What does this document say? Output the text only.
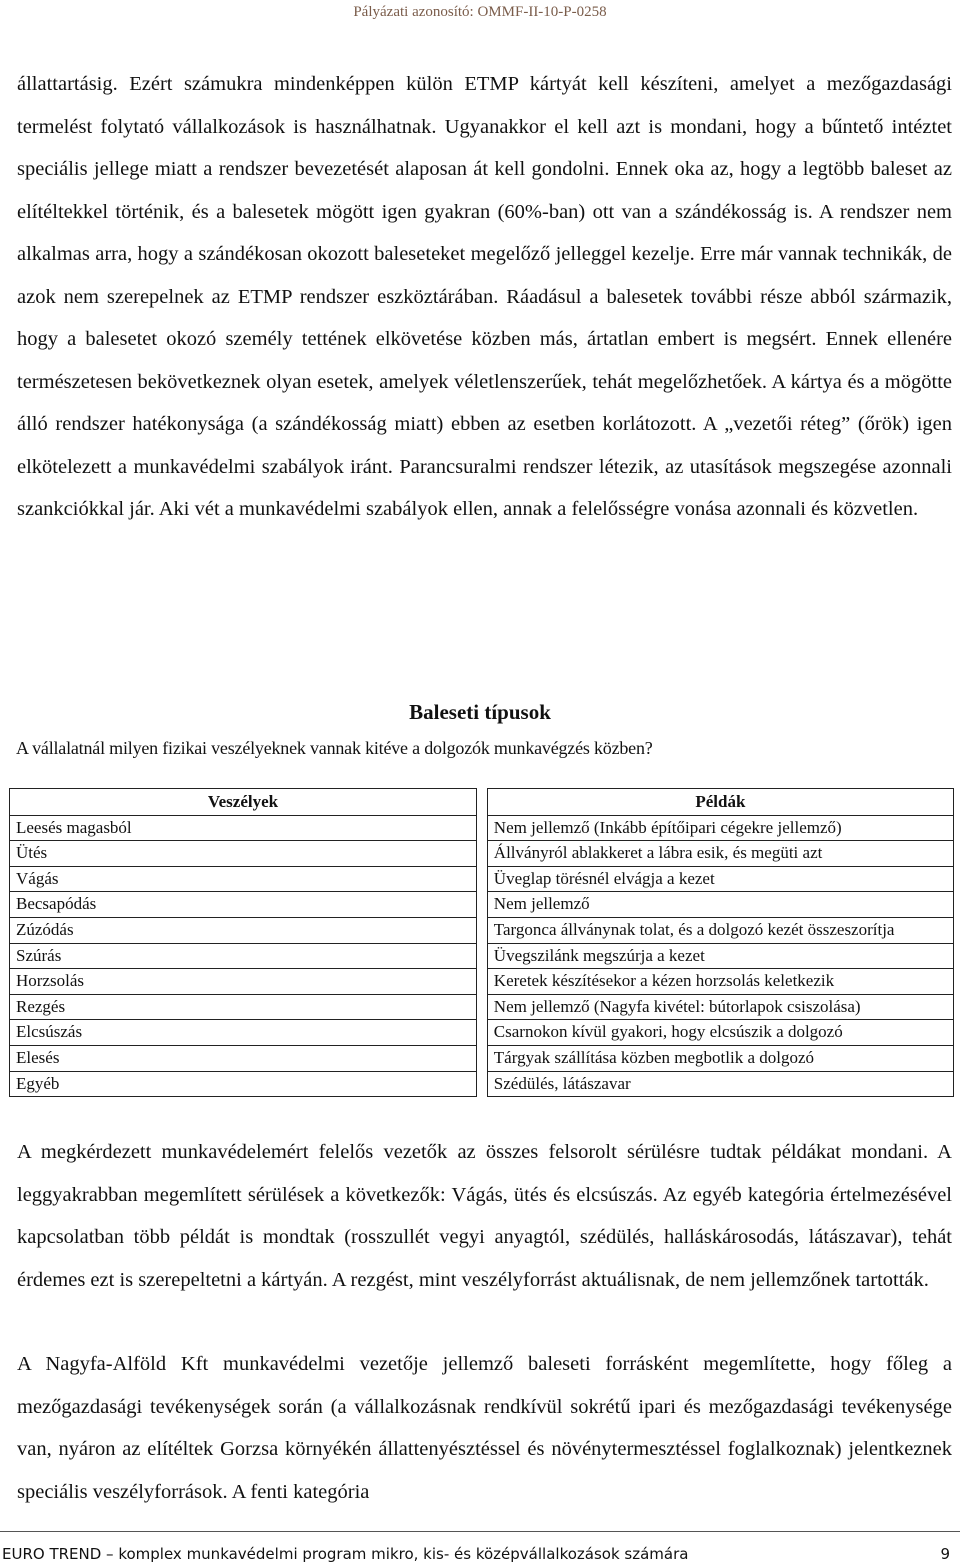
Pályázati azonosító: OMMF-II-10-P-0258
állattartásig. Ezért számukra mindenképpen külön ETMP kártyát kell készíteni, amelyet a mezőgazdasági termelést folytató vállalkozások is használhatnak. Ugyanakkor el kell azt is mondani, hogy a bűntető intéztet speciális jellege miatt a rendszer bevezetését alaposan át kell gondolni. Ennek oka az, hogy a legtöbb baleset az elítéltekkel történik, és a balesetek mögött igen gyakran (60%-ban) ott van a szándékosság is. A rendszer nem alkalmas arra, hogy a szándékosan okozott baleseteket megelőző jelleggel kezelje. Erre már vannak technikák, de azok nem szerepelnek az ETMP rendszer eszköztárában. Ráadásul a balesetek további része abból származik, hogy a balesetet okozó személy tettének elkövetése közben más, ártatlan embert is megsért. Ennek ellenére természetesen bekövetkeznek olyan esetek, amelyek véletlenszerűek, tehát megelőzhetőek. A kártya és a mögötte álló rendszer hatékonysága (a szándékosság miatt) ebben az esetben korlátozott. A „vezetői réteg” (őrök) igen elkötelezett a munkavédelmi szabályok iránt. Parancsuralmi rendszer létezik, az utasítások megszegése azonnali szankciókkal jár. Aki vét a munkavédelmi szabályok ellen, annak a felelősségre vonása azonnali és közvetlen.
Baleseti típusok
A vállalatnál milyen fizikai veszélyeknek vannak kitéve a dolgozók munkavégzés közben?
Veszélyek		Példák
Leesés magasból		Nem jellemző (Inkább építőipari cégekre jellemző)
Ütés		Állványról ablakkeret a lábra esik, és megüti azt
Vágás		Üveglap törésnél elvágja a kezet
Becsapódás		Nem jellemző
Zúzódás		Targonca állványnak tolat, és a dolgozó kezét összeszorítja
Szúrás		Üvegszilánk megszúrja a kezet
Horzsolás		Keretek készítésekor a kézen horzsolás keletkezik
Rezgés		Nem jellemző (Nagyfa kivétel: bútorlapok csiszolása)
Elcsúszás		Csarnokon kívül gyakori, hogy elcsúszik a dolgozó
Elesés		Tárgyak szállítása közben megbotlik a dolgozó
Egyéb		Szédülés, látászavar
A megkérdezett munkavédelemért felelős vezetők az összes felsorolt sérülésre tudtak példákat mondani. A leggyakrabban megemlített sérülések a következők: Vágás, ütés és elcsúszás. Az egyéb kategória értelmezésével kapcsolatban több példát is mondtak (rosszullét vegyi anyagtól, szédülés, halláskárosodás, látászavar), tehát érdemes ezt is szerepeltetni a kártyán. A rezgést, mint veszélyforrást aktuálisnak, de nem jellemzőnek tartották.
A Nagyfa-Alföld Kft munkavédelmi vezetője jellemző baleseti forrásként megemlítette, hogy főleg a mezőgazdasági tevékenységek során (a vállalkozásnak rendkívül sokrétű ipari és mezőgazdasági tevékenysége van, nyáron az elítéltek Gorzsa környékén állattenyésztéssel és növénytermesztéssel foglalkoznak) jelentkeznek speciális veszélyforrások. A fenti kategória
EURO TREND – komplex munkavédelmi program mikro, kis- és középvállalkozások számára	9
